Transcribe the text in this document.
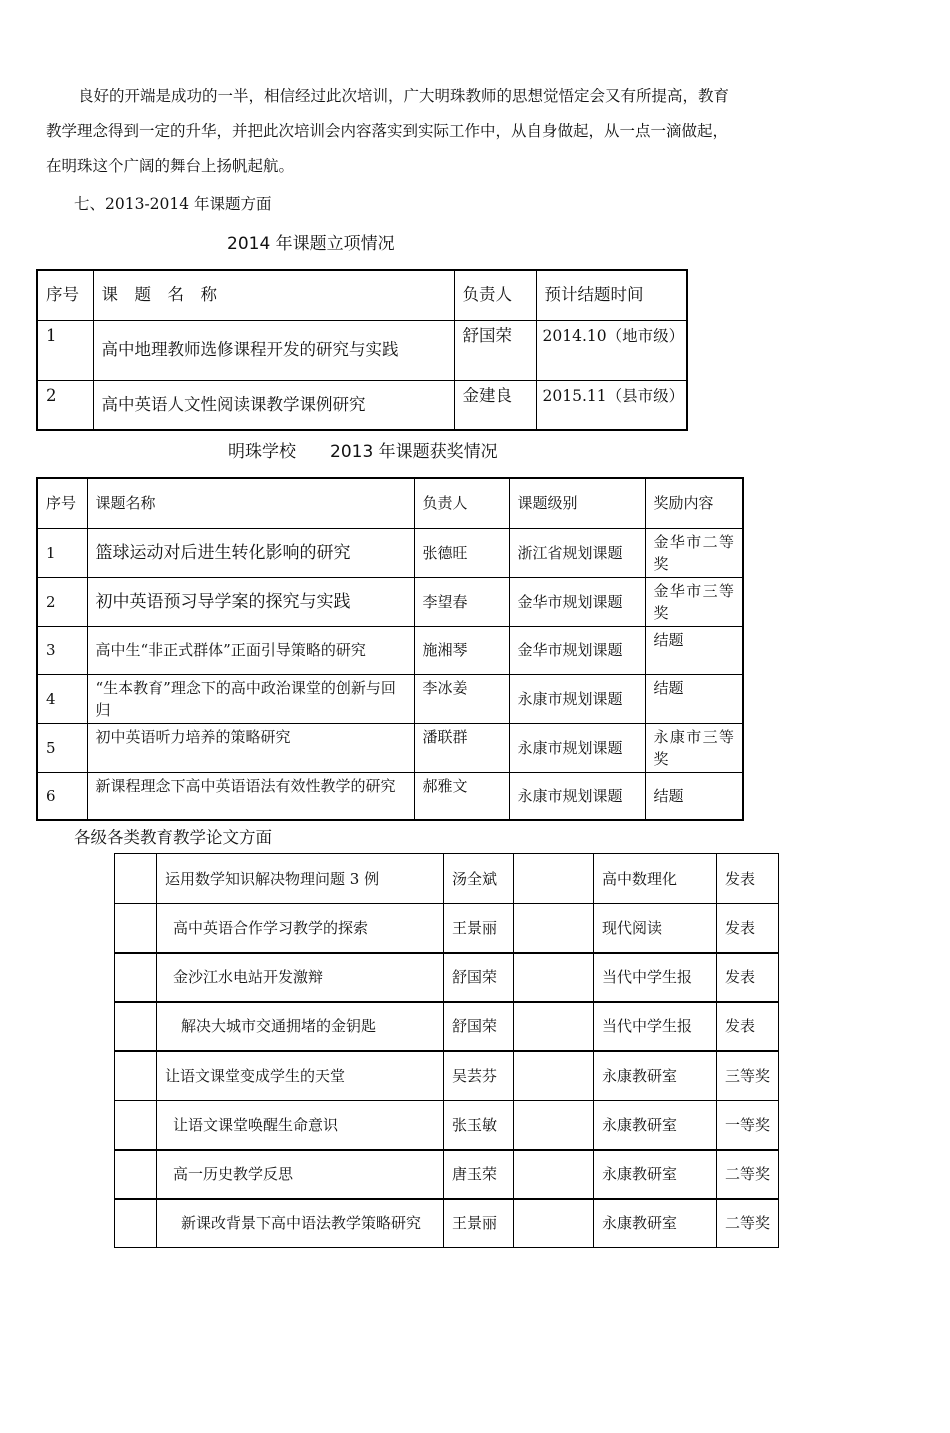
良好的开端是成功的一半，相信经过此次培训，广大明珠教师的思想觉悟定会又有所提高，教育
教学理念得到一定的升华，并把此次培训会内容落实到实际工作中，从自身做起，从一点一滴做起，
在明珠这个广阔的舞台上扬帆起航。
七、2013-2014 年课题方面
2014 年课题立项情况
序号	课　题　名　称	负责人	预计结题时间
1	高中地理教师选修课程开发的研究与实践	舒国荣	2014.10（地市级）
2	高中英语人文性阅读课教学课例研究	金建良	2015.11（县市级）
明珠学校 2013 年课题获奖情况
序号	课题名称	负责人	课题级别	奖励内容
1	篮球运动对后进生转化影响的研究	张德旺	浙江省规划课题	金华市二等奖
2	初中英语预习导学案的探究与实践	李望春	金华市规划课题	金华市三等奖
3	高中生“非正式群体”正面引导策略的研究	施湘琴	金华市规划课题	结题
4	“生本教育”理念下的高中政治课堂的创新与回归	李冰姜	永康市规划课题	结题
5	初中英语听力培养的策略研究	潘联群	永康市规划课题	永康市三等奖
6	新课程理念下高中英语语法有效性教学的研究	郝雅文	永康市规划课题	结题
各级各类教育教学论文方面
	运用数学知识解决物理问题 3 例	汤全斌		高中数理化	发表
	高中英语合作学习教学的探索	王景丽		现代阅读	发表
	金沙江水电站开发激辩	舒国荣		当代中学生报	发表
	解决大城市交通拥堵的金钥匙	舒国荣		当代中学生报	发表
	让语文课堂变成学生的天堂	吴芸芬		永康教研室	三等奖
	让语文课堂唤醒生命意识	张玉敏		永康教研室	一等奖
	高一历史教学反思	唐玉荣		永康教研室	二等奖
	新课改背景下高中语法教学策略研究	王景丽		永康教研室	二等奖
